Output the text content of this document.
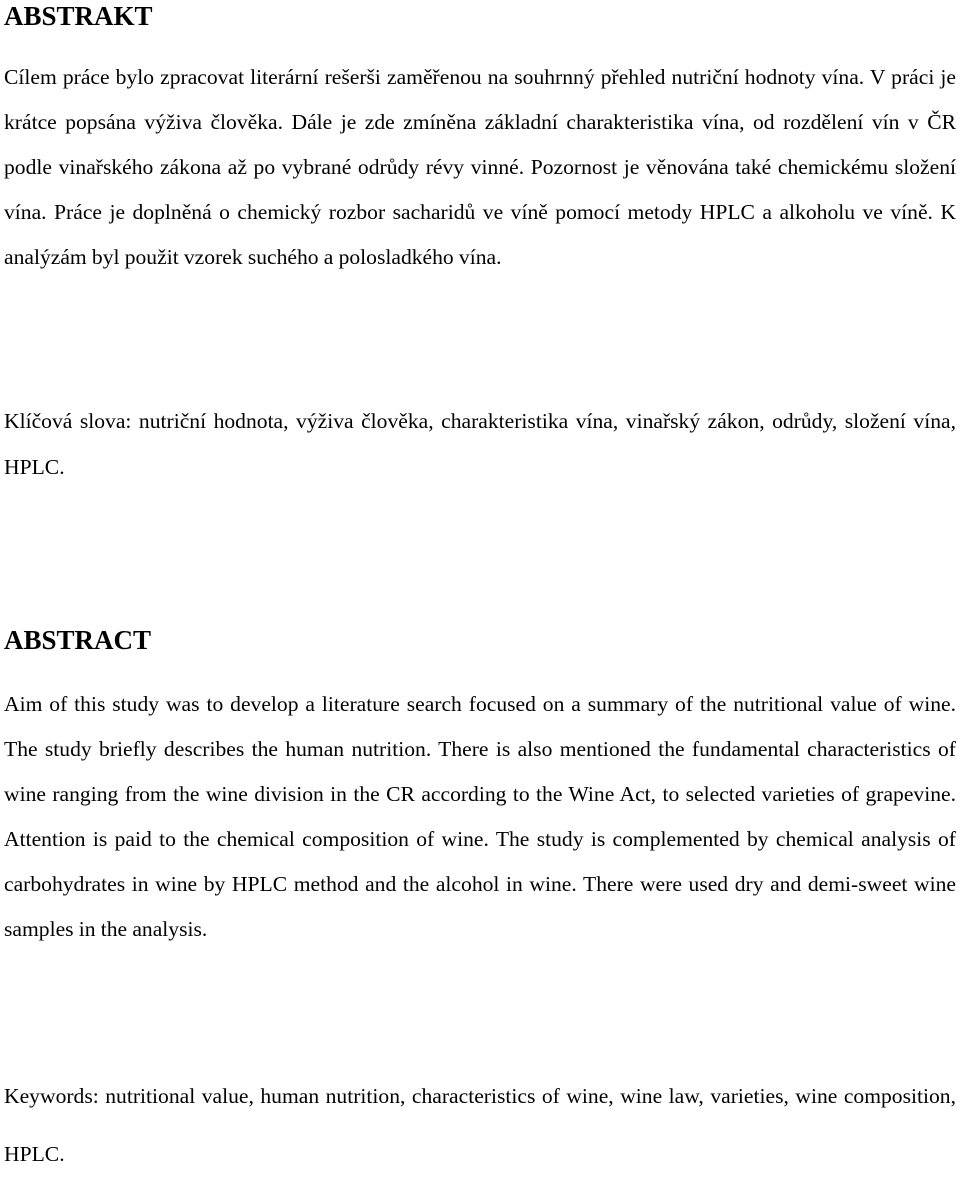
ABSTRAKT

Cílem práce bylo zpracovat literární rešerši zaměřenou na souhrnný přehled nutriční hodnoty vína. V práci je krátce popsána výživa člověka. Dále je zde zmíněna základní charakteristika vína, od rozdělení vín v ČR podle vinařského zákona až po vybrané odrůdy révy vinné. Pozornost je věnována také chemickému složení vína. Práce je doplněná o chemický rozbor sacharidů ve víně pomocí metody HPLC a alkoholu ve víně. K analýzám byl použit vzorek suchého a polosladkého vína.

Klíčová slova: nutriční hodnota, výživa člověka, charakteristika vína, vinařský zákon, odrůdy, složení vína, HPLC.

ABSTRACT

Aim of this study was to develop a literature search focused on a summary of the nutritional value of wine. The study briefly describes the human nutrition. There is also mentioned the fundamental characteristics of wine ranging from the wine division in the CR according to the Wine Act, to selected varieties of grapevine. Attention is paid to the chemical composition of wine. The study is complemented by chemical analysis of carbohydrates in wine by HPLC method and the alcohol in wine. There were used dry and demi-sweet wine samples in the analysis.

Keywords: nutritional value, human nutrition, characteristics of wine, wine law, varieties, wine composition, HPLC.
